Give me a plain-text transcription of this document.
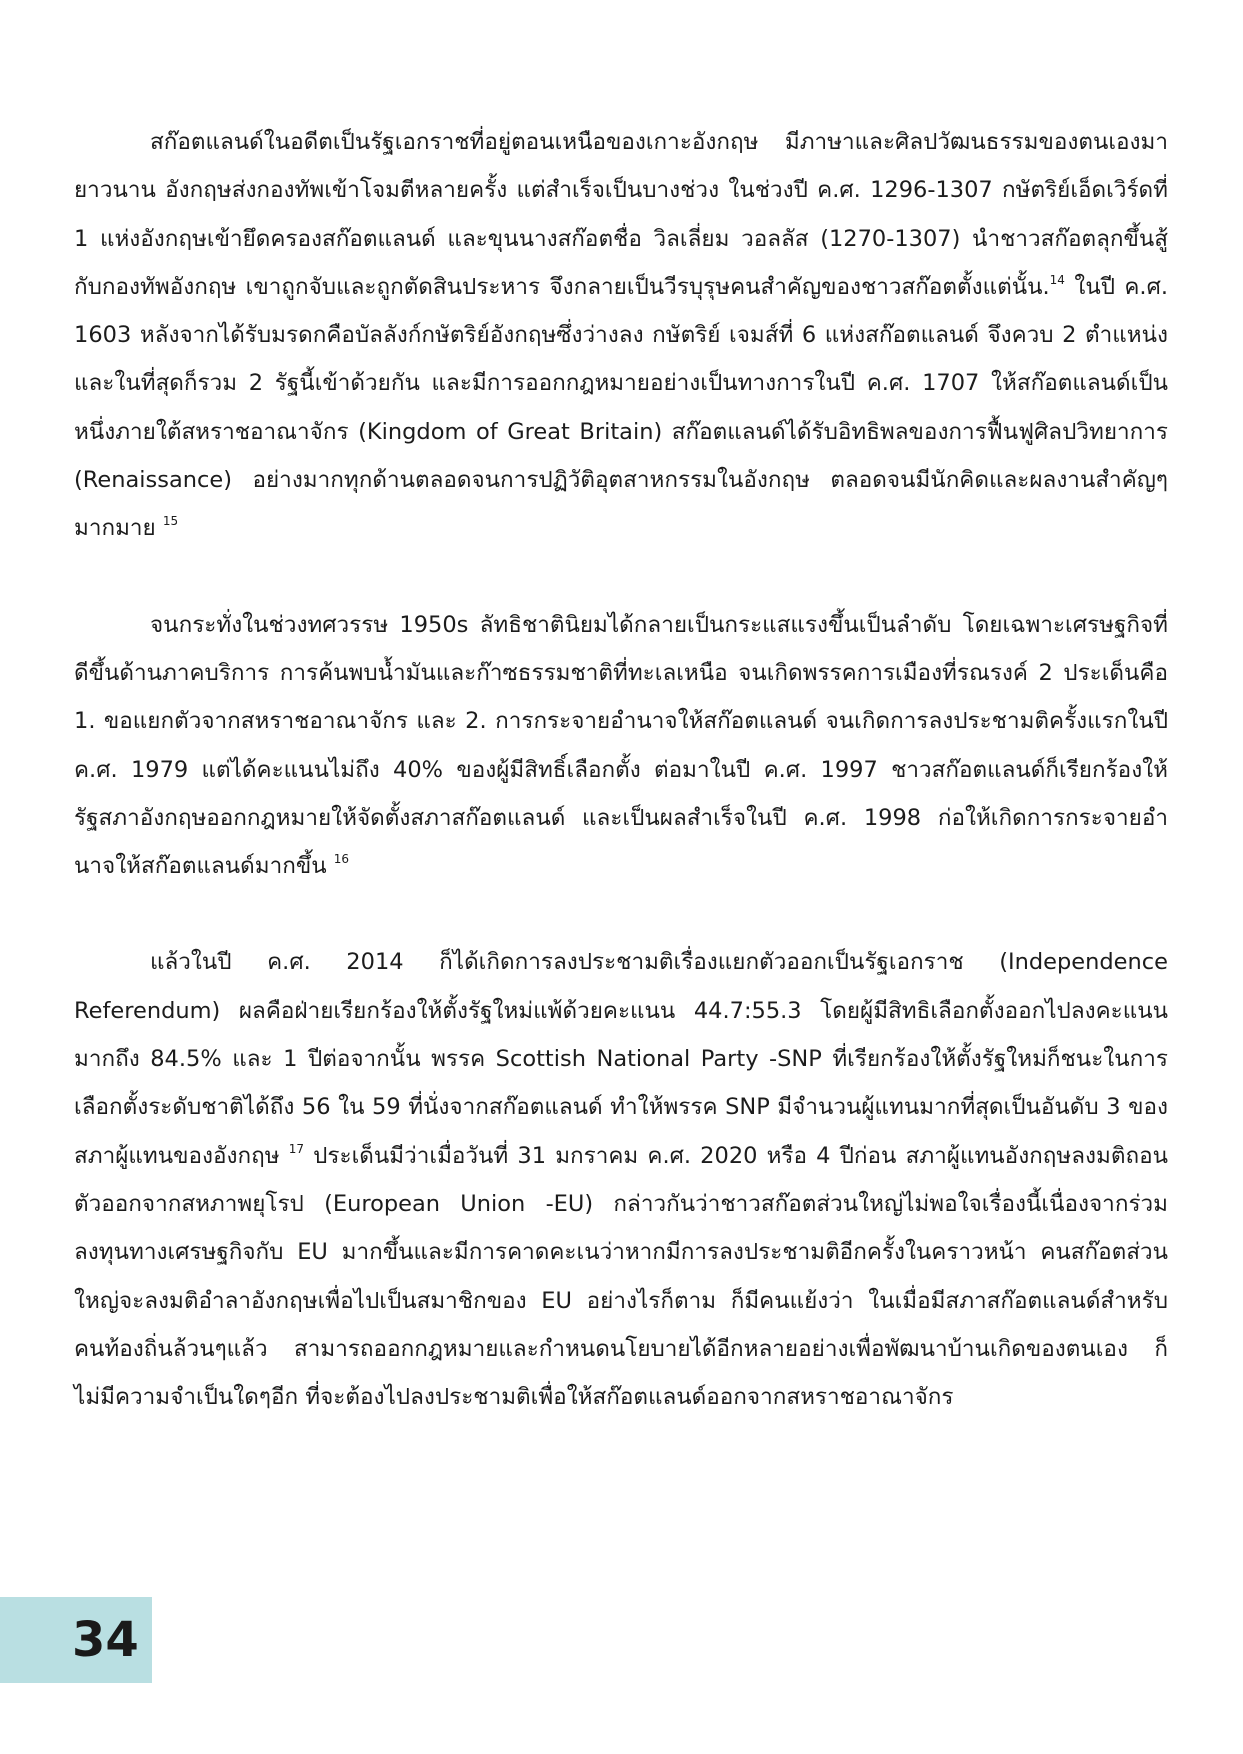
สก๊อตแลนด์ในอดีตเป็นรัฐเอกราชที่อยู่ตอนเหนือของเกาะอังกฤษ มีภาษาและศิลปวัฒนธรรมของตนเองมายาวนาน อังกฤษส่งกองทัพเข้าโจมตีหลายครั้ง แต่สำเร็จเป็นบางช่วง ในช่วงปี ค.ศ. 1296-1307 กษัตริย์เอ็ดเวิร์ดที่ 1 แห่งอังกฤษเข้ายึดครองสก๊อตแลนด์ และขุนนางสก๊อตชื่อ วิลเลี่ยม วอลลัส (1270-1307) นำชาวสก๊อตลุกขึ้นสู้กับกองทัพอังกฤษ เขาถูกจับและถูกตัดสินประหาร จึงกลายเป็นวีรบุรุษคนสำคัญของชาวสก๊อตตั้งแต่นั้น.$^{14}$ ในปี ค.ศ. 1603 หลังจากได้รับมรดกคือบัลลังก์กษัตริย์อังกฤษซึ่งว่างลง กษัตริย์ เจมส์ที่ 6 แห่งสก๊อตแลนด์ จึงควบ 2 ตำแหน่งและในที่สุดก็รวม 2 รัฐนี้เข้าด้วยกัน และมีการออกกฎหมายอย่างเป็นทางการในปี ค.ศ. 1707 ให้สก๊อตแลนด์เป็นหนึ่งภายใต้สหราชอาณาจักร (Kingdom of Great Britain) สก๊อตแลนด์ได้รับอิทธิพลของการฟื้นฟูศิลปวิทยาการ (Renaissance) อย่างมากทุกด้านตลอดจนการปฏิวัติอุตสาหกรรมในอังกฤษ ตลอดจนมีนักคิดและผลงานสำคัญๆมากมาย $^{15}$

จนกระทั่งในช่วงทศวรรษ 1950s ลัทธิชาตินิยมได้กลายเป็นกระแสแรงขึ้นเป็นลำดับ โดยเฉพาะเศรษฐกิจที่ดีขึ้นด้านภาคบริการ การค้นพบน้ำมันและก๊าซธรรมชาติที่ทะเลเหนือ จนเกิดพรรคการเมืองที่รณรงค์ 2 ประเด็นคือ 1. ขอแยกตัวจากสหราชอาณาจักร และ 2. การกระจายอำนาจให้สก๊อตแลนด์ จนเกิดการลงประชามติครั้งแรกในปี ค.ศ. 1979 แต่ได้คะแนนไม่ถึง 40% ของผู้มีสิทธิ์เลือกตั้ง ต่อมาในปี ค.ศ. 1997 ชาวสก๊อตแลนด์ก็เรียกร้องให้รัฐสภาอังกฤษออกกฎหมายให้จัดตั้งสภาสก๊อตแลนด์ และเป็นผลสำเร็จในปี ค.ศ. 1998 ก่อให้เกิดการกระจายอำนาจให้สก๊อตแลนด์มากขึ้น $^{16}$

แล้วในปี ค.ศ. 2014 ก็ได้เกิดการลงประชามติเรื่องแยกตัวออกเป็นรัฐเอกราช (Independence Referendum) ผลคือฝ่ายเรียกร้องให้ตั้งรัฐใหม่แพ้ด้วยคะแนน 44.7:55.3 โดยผู้มีสิทธิเลือกตั้งออกไปลงคะแนนมากถึง 84.5% และ 1 ปีต่อจากนั้น พรรค Scottish National Party -SNP ที่เรียกร้องให้ตั้งรัฐใหม่ก็ชนะในการเลือกตั้งระดับชาติได้ถึง 56 ใน 59 ที่นั่งจากสก๊อตแลนด์ ทำให้พรรค SNP มีจำนวนผู้แทนมากที่สุดเป็นอันดับ 3 ของสภาผู้แทนของอังกฤษ $^{17}$ ประเด็นมีว่าเมื่อวันที่ 31 มกราคม ค.ศ. 2020 หรือ 4 ปีก่อน สภาผู้แทนอังกฤษลงมติถอนตัวออกจากสหภาพยุโรป (European Union -EU) กล่าวกันว่าชาวสก๊อตส่วนใหญ่ไม่พอใจเรื่องนี้เนื่องจากร่วมลงทุนทางเศรษฐกิจกับ EU มากขึ้นและมีการคาดคะเนว่าหากมีการลงประชามติอีกครั้งในคราวหน้า คนสก๊อตส่วนใหญ่จะลงมติอำลาอังกฤษเพื่อไปเป็นสมาชิกของ EU อย่างไรก็ตาม ก็มีคนแย้งว่า ในเมื่อมีสภาสก๊อตแลนด์สำหรับคนท้องถิ่นล้วนๆแล้ว สามารถออกกฎหมายและกำหนดนโยบายได้อีกหลายอย่างเพื่อพัฒนาบ้านเกิดของตนเอง ก็ไม่มีความจำเป็นใดๆอีก ที่จะต้องไปลงประชามติเพื่อให้สก๊อตแลนด์ออกจากสหราชอาณาจักร

34
